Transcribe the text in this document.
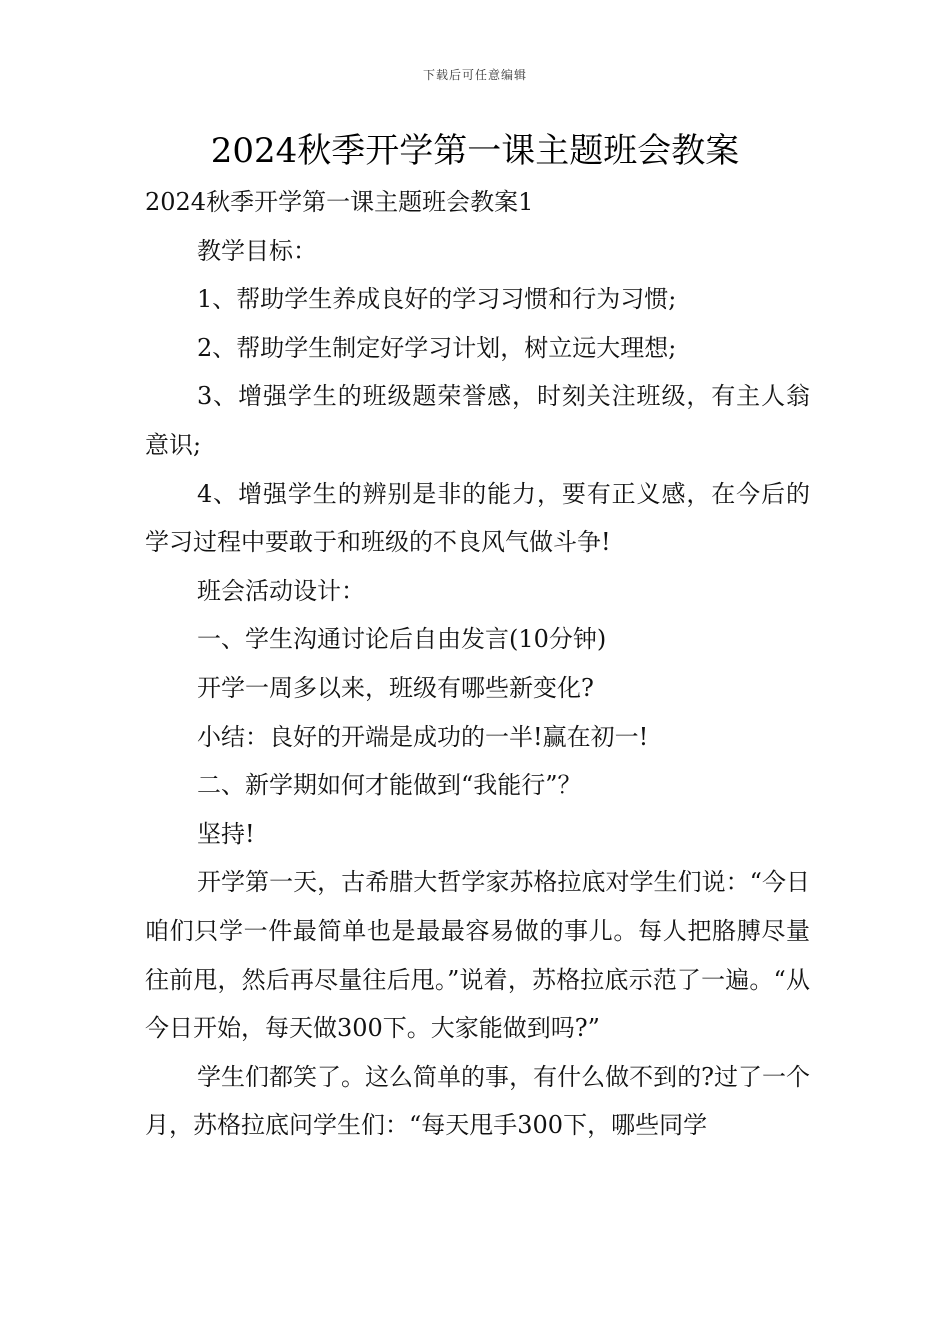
下载后可任意编辑
2024秋季开学第一课主题班会教案

2024秋季开学第一课主题班会教案1

教学目标：

1、帮助学生养成良好的学习习惯和行为习惯;

2、帮助学生制定好学习计划，树立远大理想;

3、增强学生的班级题荣誉感，时刻关注班级，有主人翁意识;

4、增强学生的辨别是非的能力，要有正义感，在今后的学习过程中要敢于和班级的不良风气做斗争!

班会活动设计：

一、学生沟通讨论后自由发言(10分钟)

开学一周多以来，班级有哪些新变化?

小结：良好的开端是成功的一半!赢在初一!

二、新学期如何才能做到“我能行”？

坚持!

开学第一天，古希腊大哲学家苏格拉底对学生们说：“今日咱们只学一件最简单也是最最容易做的事儿。每人把胳膊尽量往前甩，然后再尽量往后甩。”说着，苏格拉底示范了一遍。“从今日开始，每天做300下。大家能做到吗?”

学生们都笑了。这么简单的事，有什么做不到的?过了一个月，苏格拉底问学生们：“每天甩手300下，哪些同学
